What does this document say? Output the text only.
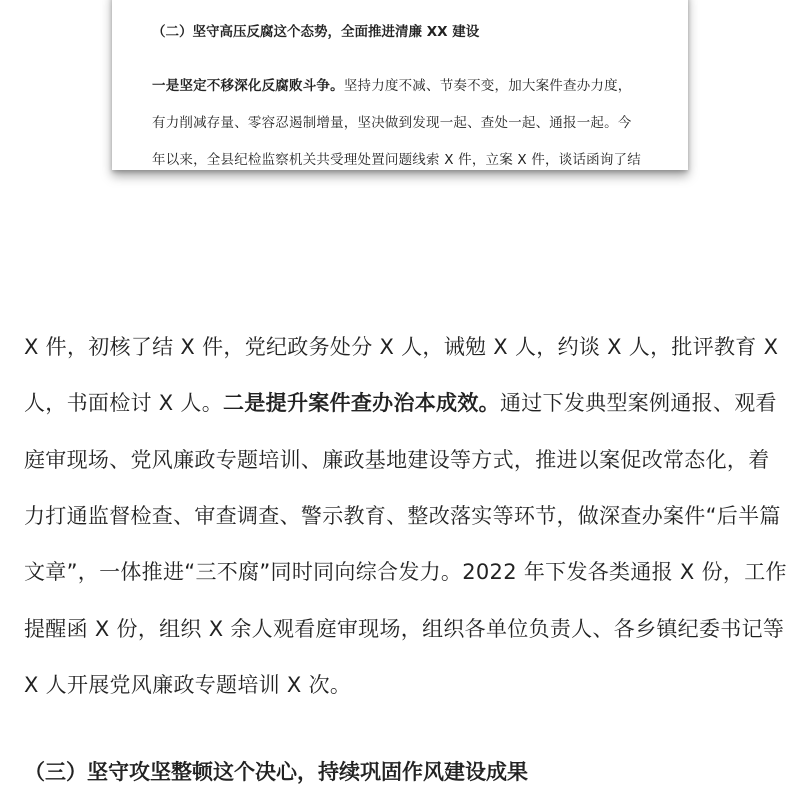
（二）坚守高压反腐这个态势，全面推进清廉 XX 建设
一是坚定不移深化反腐败斗争。坚持力度不减、节奏不变，加大案件查办力度，
有力削减存量、零容忍遏制增量，坚决做到发现一起、查处一起、通报一起。今
年以来，全县纪检监察机关共受理处置问题线索 X 件，立案 X 件，谈话函询了结
X 件，初核了结 X 件，党纪政务处分 X 人，诫勉 X 人，约谈 X 人，批评教育 X
人，书面检讨 X 人。二是提升案件查办治本成效。通过下发典型案例通报、观看
庭审现场、党风廉政专题培训、廉政基地建设等方式，推进以案促改常态化，着
力打通监督检查、审查调查、警示教育、整改落实等环节，做深查办案件“后半篇
文章”，一体推进“三不腐”同时同向综合发力。2022 年下发各类通报 X 份，工作
提醒函 X 份，组织 X 余人观看庭审现场，组织各单位负责人、各乡镇纪委书记等
X 人开展党风廉政专题培训 X 次。
（三）坚守攻坚整顿这个决心，持续巩固作风建设成果
